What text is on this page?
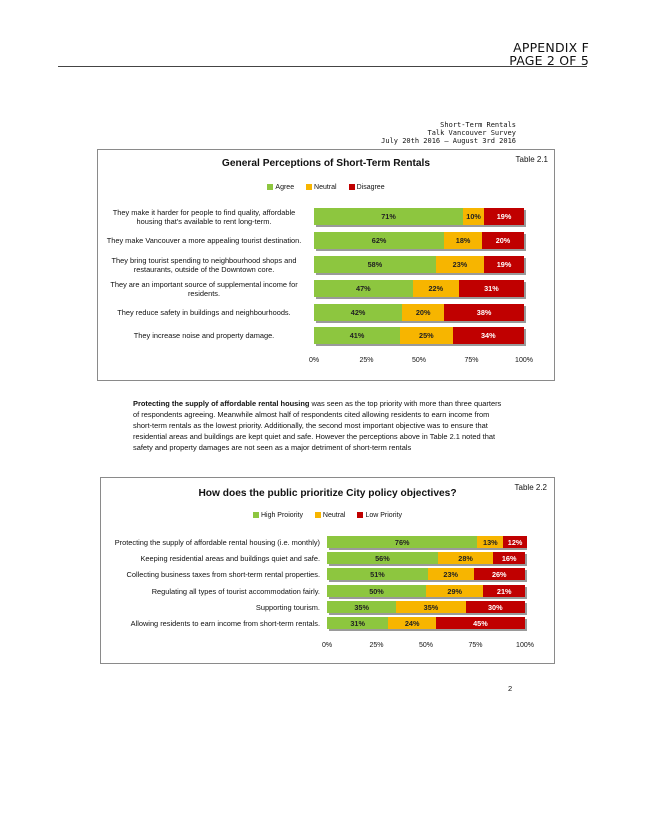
APPENDIX F
PAGE 2 OF 5
Short-Term Rentals
Talk Vancouver Survey
July 20th 2016 – August 3rd 2016
Table 2.1
General Perceptions of Short-Term Rentals
Agree	Neutral	Disagree
They make it harder for people to find quality, affordable housing that's available to rent long-term.	71%	10%	19%
They make Vancouver a more appealing tourist destination.	62%	18%	20%
They bring tourist spending to neighbourhood shops and restaurants, outside of the Downtown core.	58%	23%	19%
They are an important source of supplemental income for residents.	47%	22%	31%
They reduce safety in buildings and neighbourhoods.	42%	20%	38%
They increase noise and property damage.	41%	25%	34%
0%	25%	50%	75%	100%
Protecting the supply of affordable rental housing was seen as the top priority with more than three quarters of respondents agreeing. Meanwhile almost half of respondents cited allowing residents to earn income from short-term rentals as the lowest priority. Additionally, the second most important objective was to ensure that residential areas and buildings are kept quiet and safe. However the perceptions above in Table 2.1 noted that safety and property damages are not seen as a major detriment of short-term rentals
Table 2.2
How does the public prioritize City policy objectives?
High Proiority	Neutral	Low Priority
Protecting the supply of affordable rental housing (i.e. monthly)	76%	13%	12%
Keeping residential areas and buildings quiet and safe.	56%	28%	16%
Collecting business taxes from short-term rental properties.	51%	23%	26%
Regulating all types of tourist accommodation fairly.	50%	29%	21%
Supporting tourism.	35%	35%	30%
Allowing residents to earn income from short-term rentals.	31%	24%	45%
0%	25%	50%	75%	100%
2
